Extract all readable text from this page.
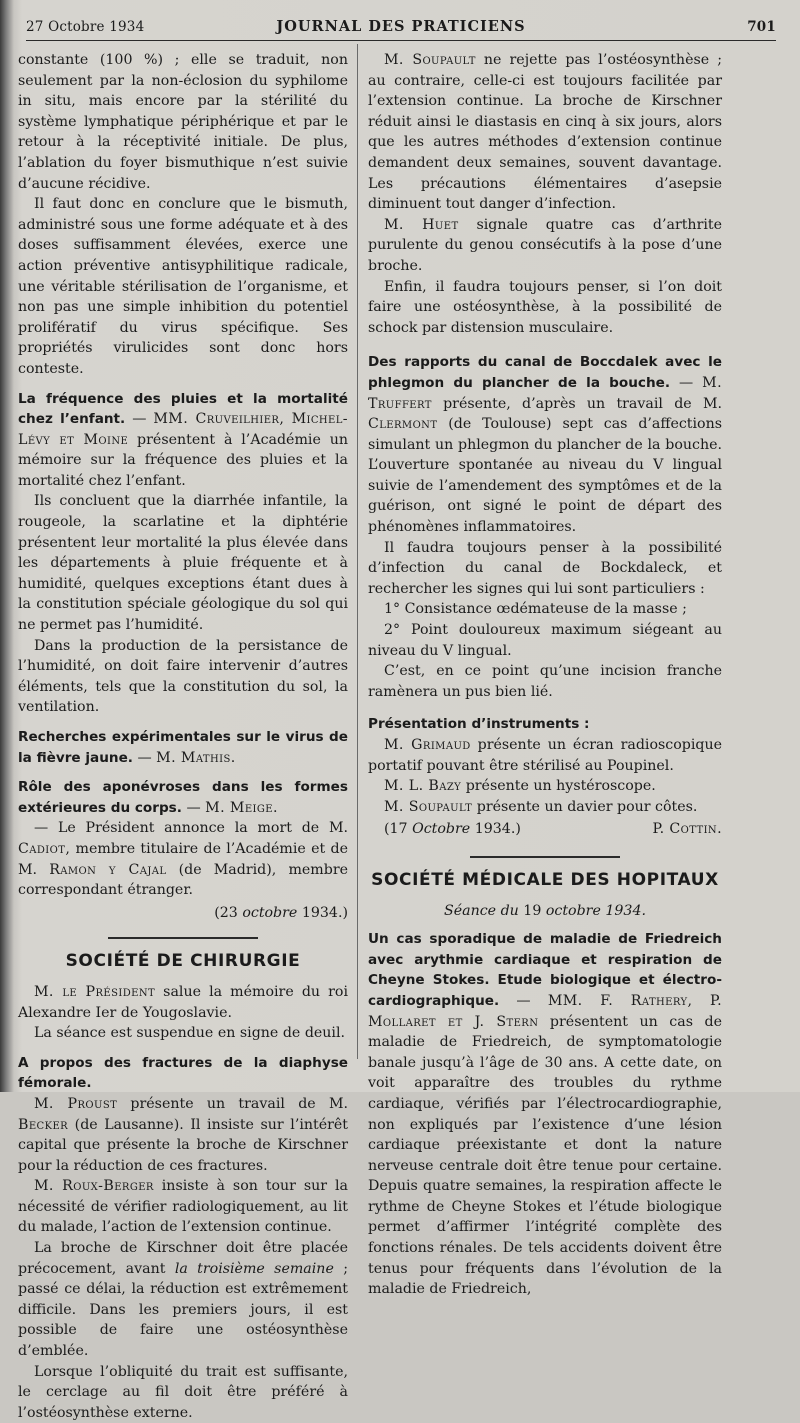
27 Octobre 1934	JOURNAL DES PRATICIENS	701

constante (100 %) ; elle se traduit, non seulement par la non-éclosion du syphilome in situ, mais encore par la stérilité du système lymphatique périphérique et par le retour à la réceptivité initiale. De plus, l’ablation du foyer bismuthique n’est suivie d’aucune récidive.

Il faut donc en conclure que le bismuth, administré sous une forme adéquate et à des doses suffisamment élevées, exerce une action préventive antisyphilitique radicale, une véritable stérilisation de l’organisme, et non pas une simple inhibition du potentiel prolifératif du virus spécifique. Ses propriétés virulicides sont donc hors conteste.

La fréquence des pluies et la mortalité chez l’enfant. — MM. Cruveilhier, Michel-Lévy et Moine présentent à l’Académie un mémoire sur la fréquence des pluies et la mortalité chez l’enfant.

Ils concluent que la diarrhée infantile, la rougeole, la scarlatine et la diphtérie présentent leur mortalité la plus élevée dans les départements à pluie fréquente et à humidité, quelques exceptions étant dues à la constitution spéciale géologique du sol qui ne permet pas l’humidité.

Dans la production de la persistance de l’humidité, on doit faire intervenir d’autres éléments, tels que la constitution du sol, la ventilation.

Recherches expérimentales sur le virus de la fièvre jaune. — M. Mathis.

Rôle des aponévroses dans les formes extérieures du corps. — M. Meige.

— Le Président annonce la mort de M. Cadiot, membre titulaire de l’Académie et de M. Ramon y Cajal (de Madrid), membre correspondant étranger.

(23 octobre 1934.)

SOCIÉTÉ DE CHIRURGIE

M. le Président salue la mémoire du roi Alexandre Ier de Yougoslavie.

La séance est suspendue en signe de deuil.

A propos des fractures de la diaphyse fémorale.

M. Proust présente un travail de M. Becker (de Lausanne). Il insiste sur l’intérêt capital que présente la broche de Kirschner pour la réduction de ces fractures.

M. Roux-Berger insiste à son tour sur la nécessité de vérifier radiologiquement, au lit du malade, l’action de l’extension continue.

La broche de Kirschner doit être placée précocement, avant la troisième semaine ; passé ce délai, la réduction est extrêmement difficile. Dans les premiers jours, il est possible de faire une ostéosynthèse d’emblée.

Lorsque l’obliquité du trait est suffisante, le cerclage au fil doit être préféré à l’ostéosynthèse externe.

M. Soupault ne rejette pas l’ostéosynthèse ; au contraire, celle-ci est toujours facilitée par l’extension continue. La broche de Kirschner réduit ainsi le diastasis en cinq à six jours, alors que les autres méthodes d’extension continue demandent deux semaines, souvent davantage. Les précautions élémentaires d’asepsie diminuent tout danger d’infection.

M. Huet signale quatre cas d’arthrite purulente du genou consécutifs à la pose d’une broche.

Enfin, il faudra toujours penser, si l’on doit faire une ostéosynthèse, à la possibilité de schock par distension musculaire.

Des rapports du canal de Boccdalek avec le phlegmon du plancher de la bouche. — M. Truffert présente, d’après un travail de M. Clermont (de Toulouse) sept cas d’affections simulant un phlegmon du plancher de la bouche. L’ouverture spontanée au niveau du V lingual suivie de l’amendement des symptômes et de la guérison, ont signé le point de départ des phénomènes inflammatoires.

Il faudra toujours penser à la possibilité d’infection du canal de Bockdaleck, et rechercher les signes qui lui sont particuliers :

1° Consistance œdémateuse de la masse ;

2° Point douloureux maximum siégeant au niveau du V lingual.

C’est, en ce point qu’une incision franche ramènera un pus bien lié.

Présentation d’instruments :

M. Grimaud présente un écran radioscopique portatif pouvant être stérilisé au Poupinel.

M. L. Bazy présente un hystéroscope.

M. Soupault présente un davier pour côtes.

(17 Octobre 1934.)	P. Cottin.
SOCIÉTÉ MÉDICALE DES HOPITAUX

Séance du 19 octobre 1934.

Un cas sporadique de maladie de Friedreich avec arythmie cardiaque et respiration de Cheyne Stokes. Etude biologique et électro-cardiographique. — MM. F. Rathery, P. Mollaret et J. Stern présentent un cas de maladie de Friedreich, de symptomatologie banale jusqu’à l’âge de 30 ans. A cette date, on voit apparaître des troubles du rythme cardiaque, vérifiés par l’électrocardiographie, non expliqués par l’existence d’une lésion cardiaque préexistante et dont la nature nerveuse centrale doit être tenue pour certaine. Depuis quatre semaines, la respiration affecte le rythme de Cheyne Stokes et l’étude biologique permet d’affirmer l’intégrité complète des fonctions rénales. De tels accidents doivent être tenus pour fréquents dans l’évolution de la maladie de Friedreich,
